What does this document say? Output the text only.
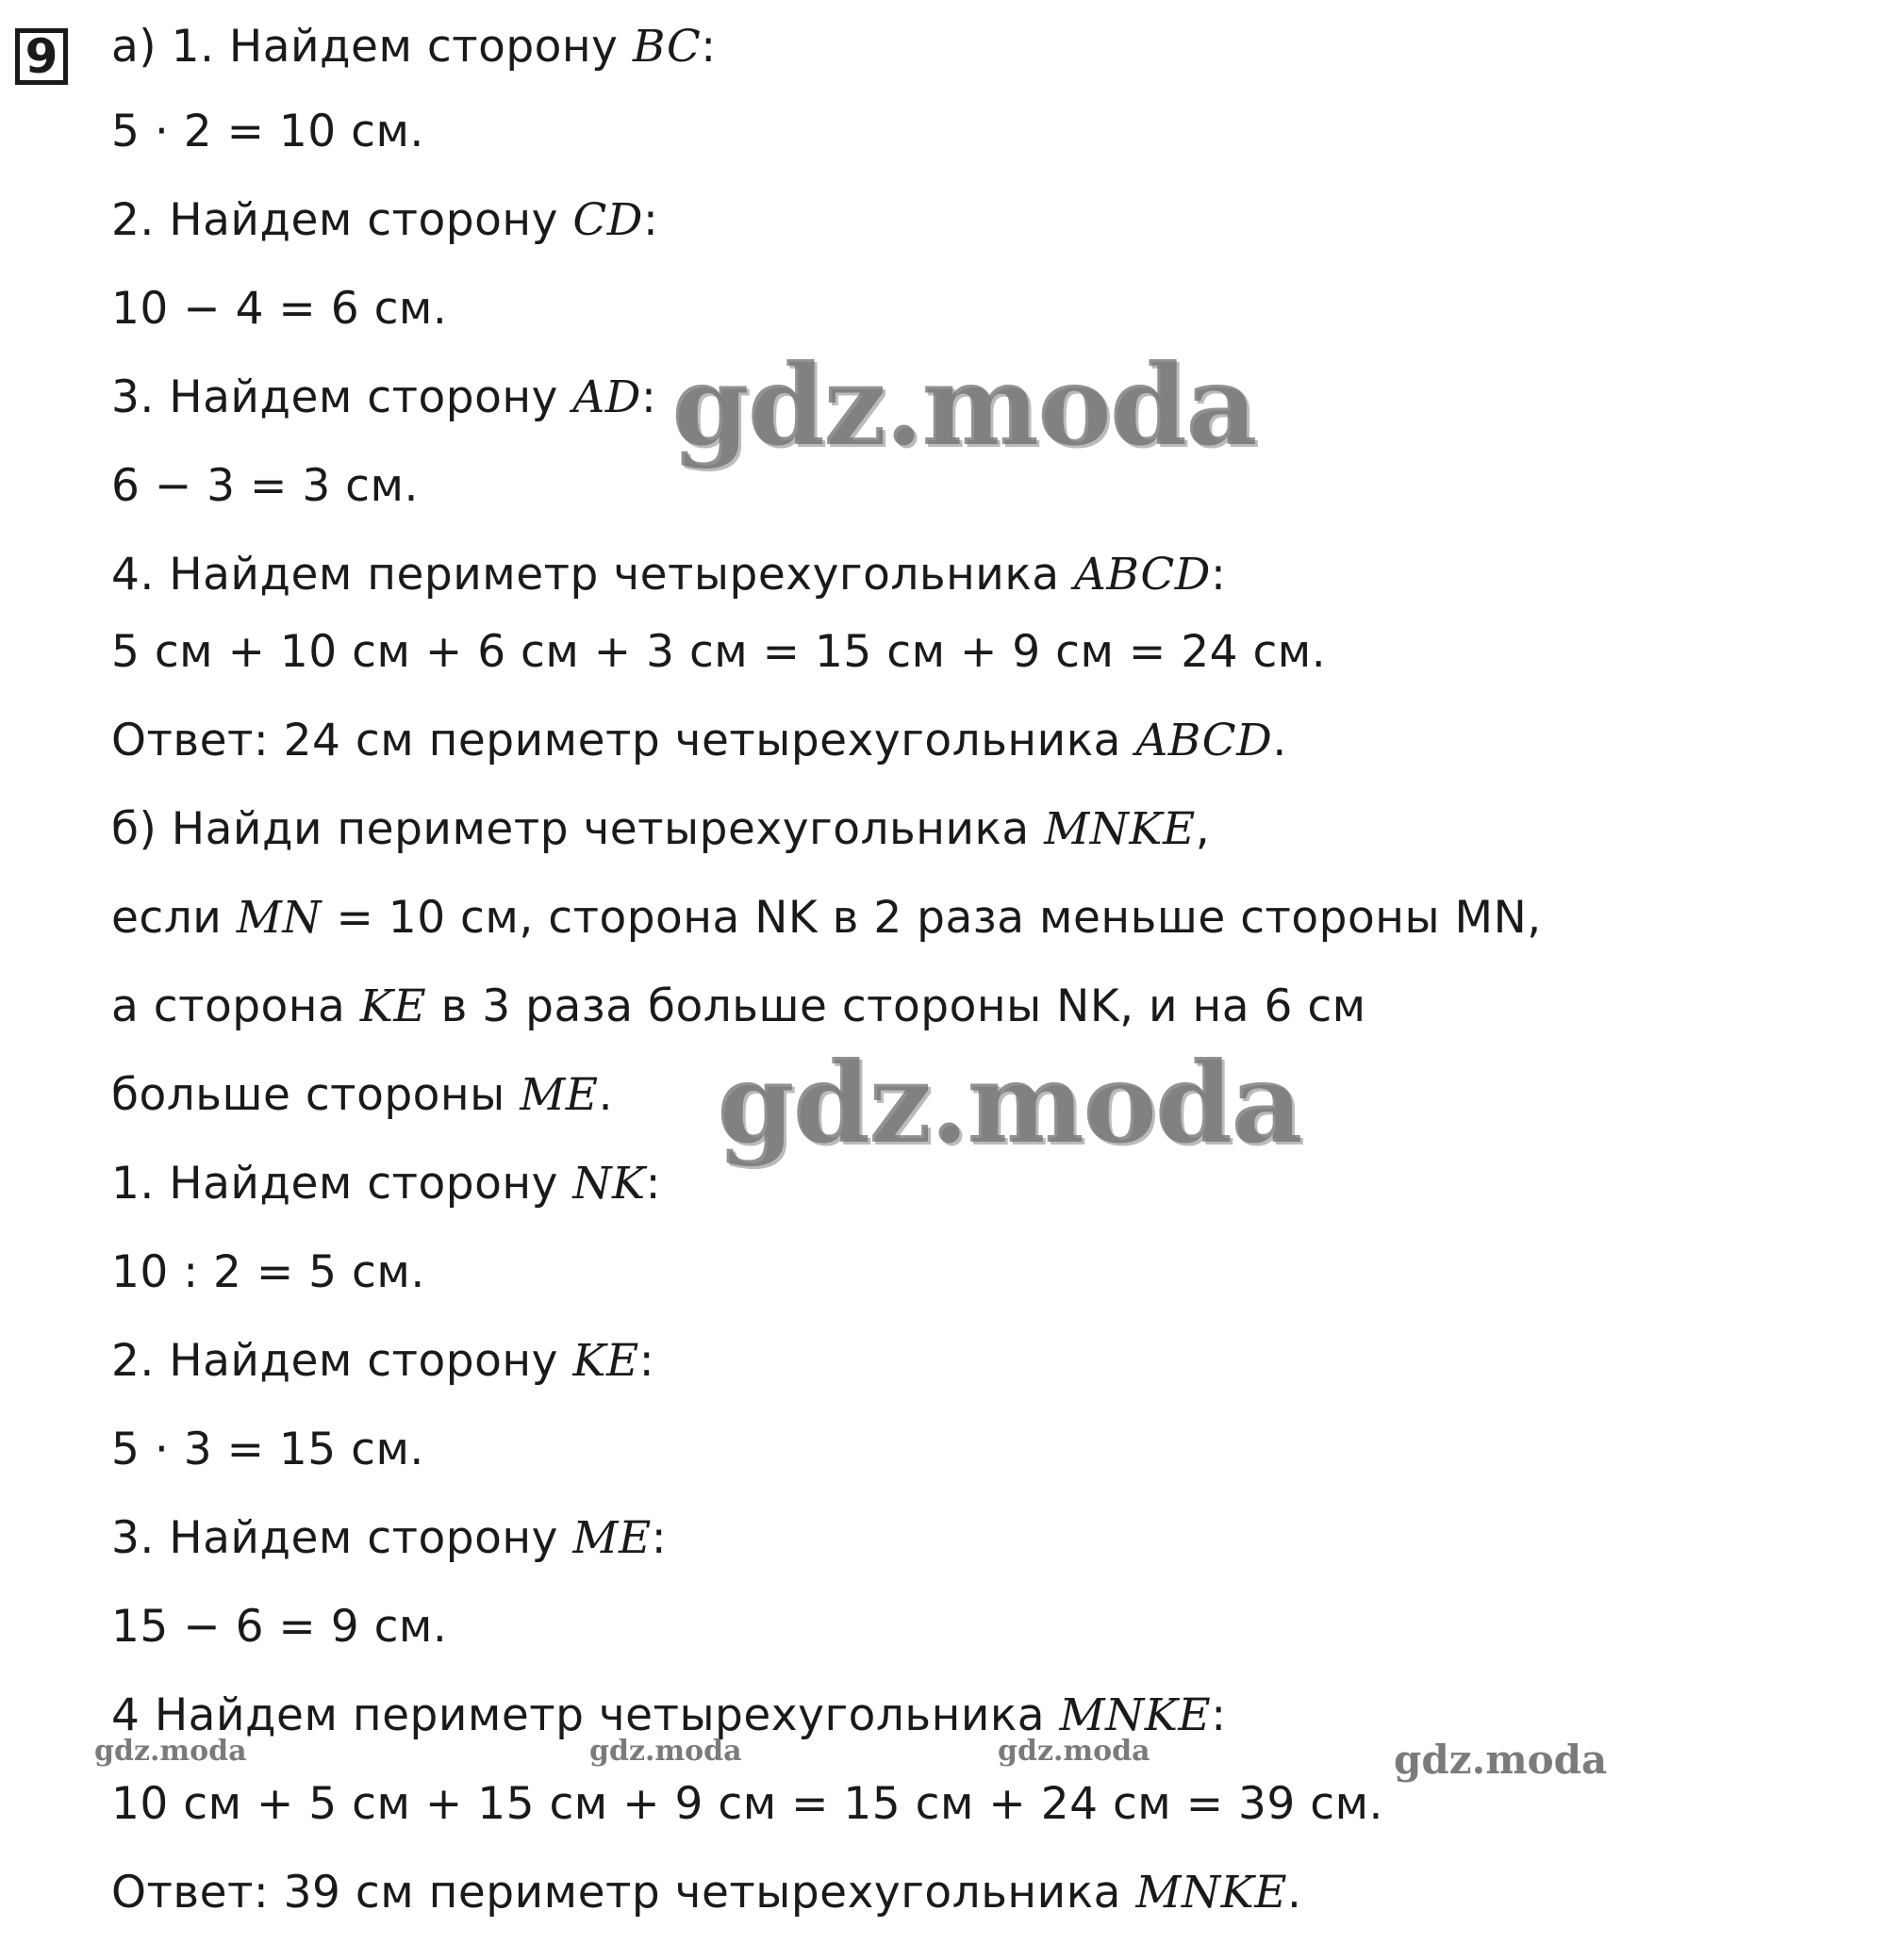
9 а) 1. Найдем сторону BC:
5 · 2 = 10 см.
2. Найдем сторону CD:
10 − 4 = 6 см.
3. Найдем сторону AD:
6 − 3 = 3 см.
4. Найдем периметр четырехугольника ABCD:
5 см + 10 см + 6 см + 3 см = 15 см + 9 см = 24 см.
Ответ: 24 см периметр четырехугольника ABCD.
б) Найди периметр четырехугольника MNKE,
если MN = 10 см, сторона NK в 2 раза меньше стороны MN,
а сторона KE в 3 раза больше стороны NK, и на 6 см
больше стороны ME.
1. Найдем сторону NK:
10 : 2 = 5 см.
2. Найдем сторону KE:
5 · 3 = 15 см.
3. Найдем сторону ME:
15 − 6 = 9 см.
4 Найдем периметр четырехугольника MNKE:
10 см + 5 см + 15 см + 9 см = 15 см + 24 см = 39 см.
Ответ: 39 см периметр четырехугольника MNKE.
gdz.moda
gdz.moda
gdz.moda	gdz.moda	gdz.moda	gdz.moda
